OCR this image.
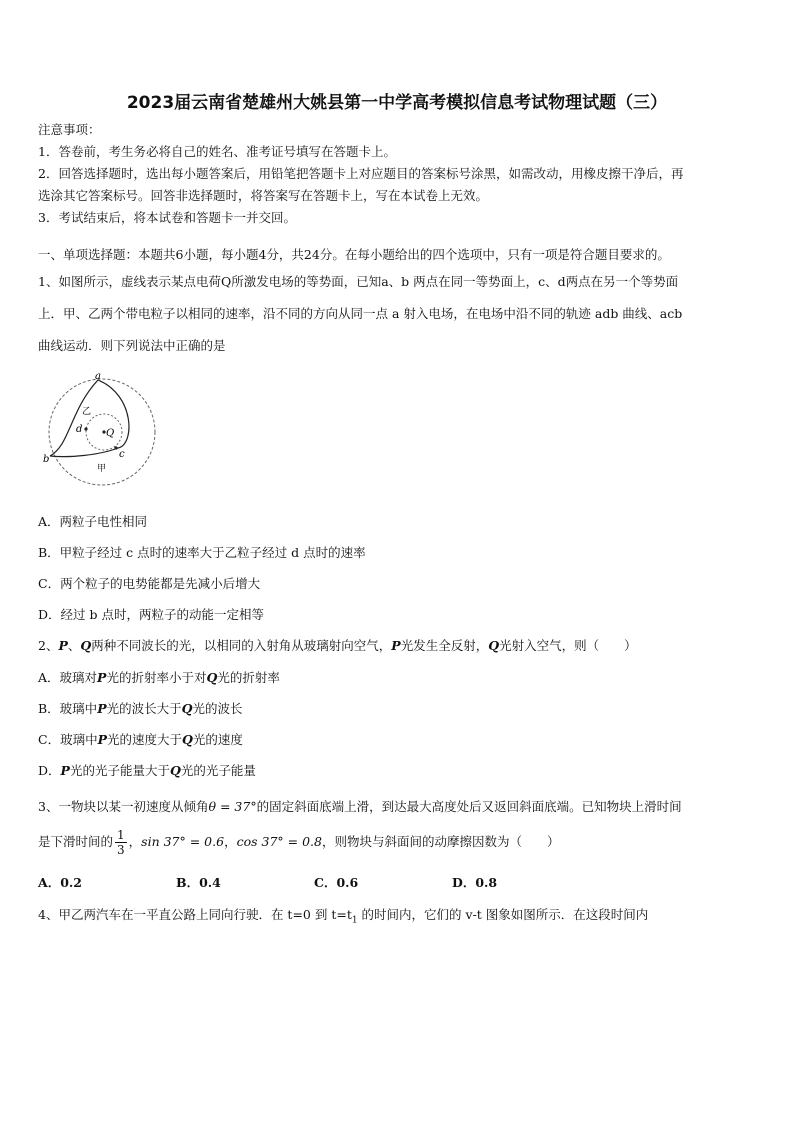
2023届云南省楚雄州大姚县第一中学高考模拟信息考试物理试题（三）
注意事项：
1．答卷前，考生务必将自己的姓名、准考证号填写在答题卡上。
2．回答选择题时，选出每小题答案后，用铅笔把答题卡上对应题目的答案标号涂黑，如需改动，用橡皮擦干净后，再
选涂其它答案标号。回答非选择题时，将答案写在答题卡上，写在本试卷上无效。
3．考试结束后，将本试卷和答题卡一并交回。
一、单项选择题：本题共6小题，每小题4分，共24分。在每小题给出的四个选项中，只有一项是符合题目要求的。
1、如图所示，虚线表示某点电荷Q所激发电场的等势面，已知a、b 两点在同一等势面上，c、d两点在另一个等势面
上．甲、乙两个带电粒子以相同的速率，沿不同的方向从同一点 a 射入电场，在电场中沿不同的轨迹 adb 曲线、acb
曲线运动．则下列说法中正确的是
a
b	c
d Q
乙
甲
A．两粒子电性相同
B．甲粒子经过 c 点时的速率大于乙粒子经过 d 点时的速率
C．两个粒子的电势能都是先减小后增大
D．经过 b 点时，两粒子的动能一定相等
2、P、Q两种不同波长的光，以相同的入射角从玻璃射向空气，P光发生全反射，Q光射入空气，则（　　）
A．玻璃对P光的折射率小于对Q光的折射率
B．玻璃中P光的波长大于Q光的波长
C．玻璃中P光的速度大于Q光的速度
D．P光的光子能量大于Q光的光子能量
3、一物块以某一初速度从倾角θ = 37°的固定斜面底端上滑，到达最大高度处后又返回斜面底端。已知物块上滑时间
是下滑时间的 $\frac{1}{3}$ ，sin 37° = 0.6，cos 37° = 0.8，则物块与斜面间的动摩擦因数为（　　）
A．0.2	B．0.4	C．0.6	D．0.8
4、甲乙两汽车在一平直公路上同向行驶．在 t=0 到 $t=t_1$ 的时间内，它们的 v-t 图象如图所示．在这段时间内
